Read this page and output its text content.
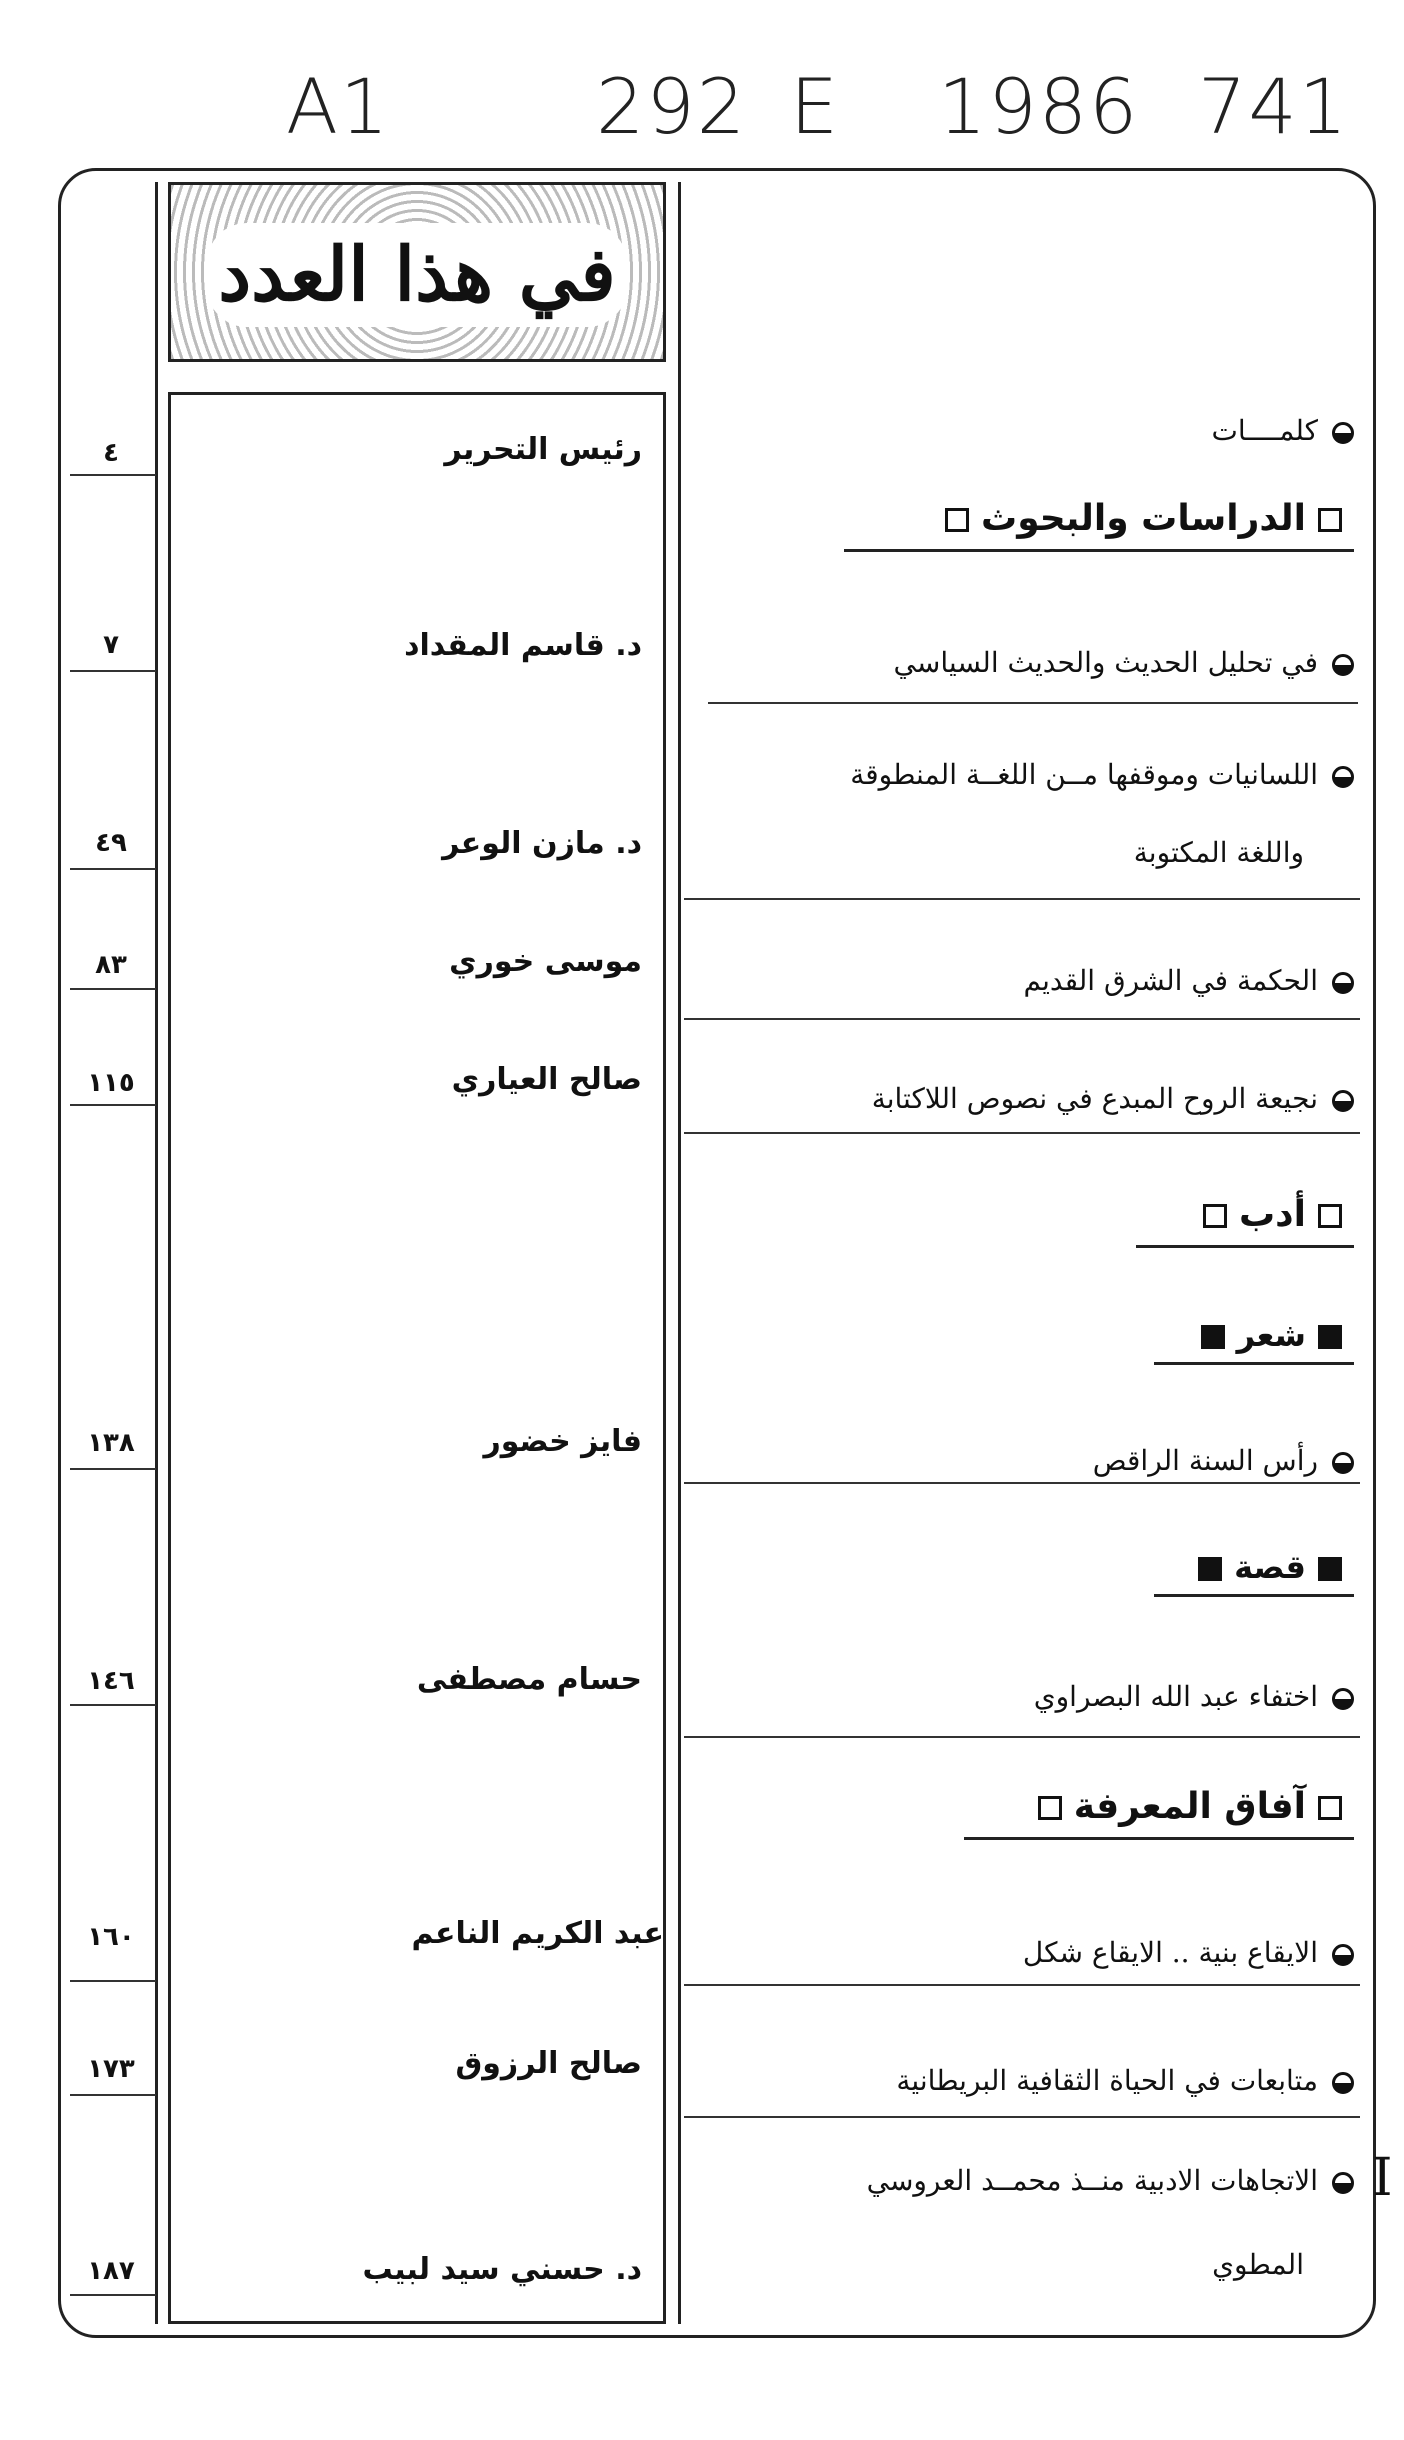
A1	292 E 1986 741
في هذا العدد
كلمــــات
الدراسات والبحوث
في تحليل الحديث والحديث السياسي
اللسانيات وموقفها مــن اللغــة المنطوقة
واللغة المكتوبة
الحكمة في الشرق القديم
نجيعة الروح المبدع في نصوص اللاكتابة
أدب
شعر
رأس السنة الراقص
قصة
اختفاء عبد الله البصراوي
آفاق المعرفة
الايقاع بنية .. الايقاع شكل
متابعات في الحياة الثقافية البريطانية
الاتجاهات الادبية منــذ محمــد العروسي
المطوي
رئيس التحرير
د. قاسم المقداد
د. مازن الوعر
موسى خوري
صالح العياري
فايز خضور
حسام مصطفى
عبد الكريم الناعم
صالح الرزوق
د. حسني سيد لبيب
٤
٧
٤٩
٨٣
١١٥
١٣٨
١٤٦
١٦٠
١٧٣
١٨٧
I
